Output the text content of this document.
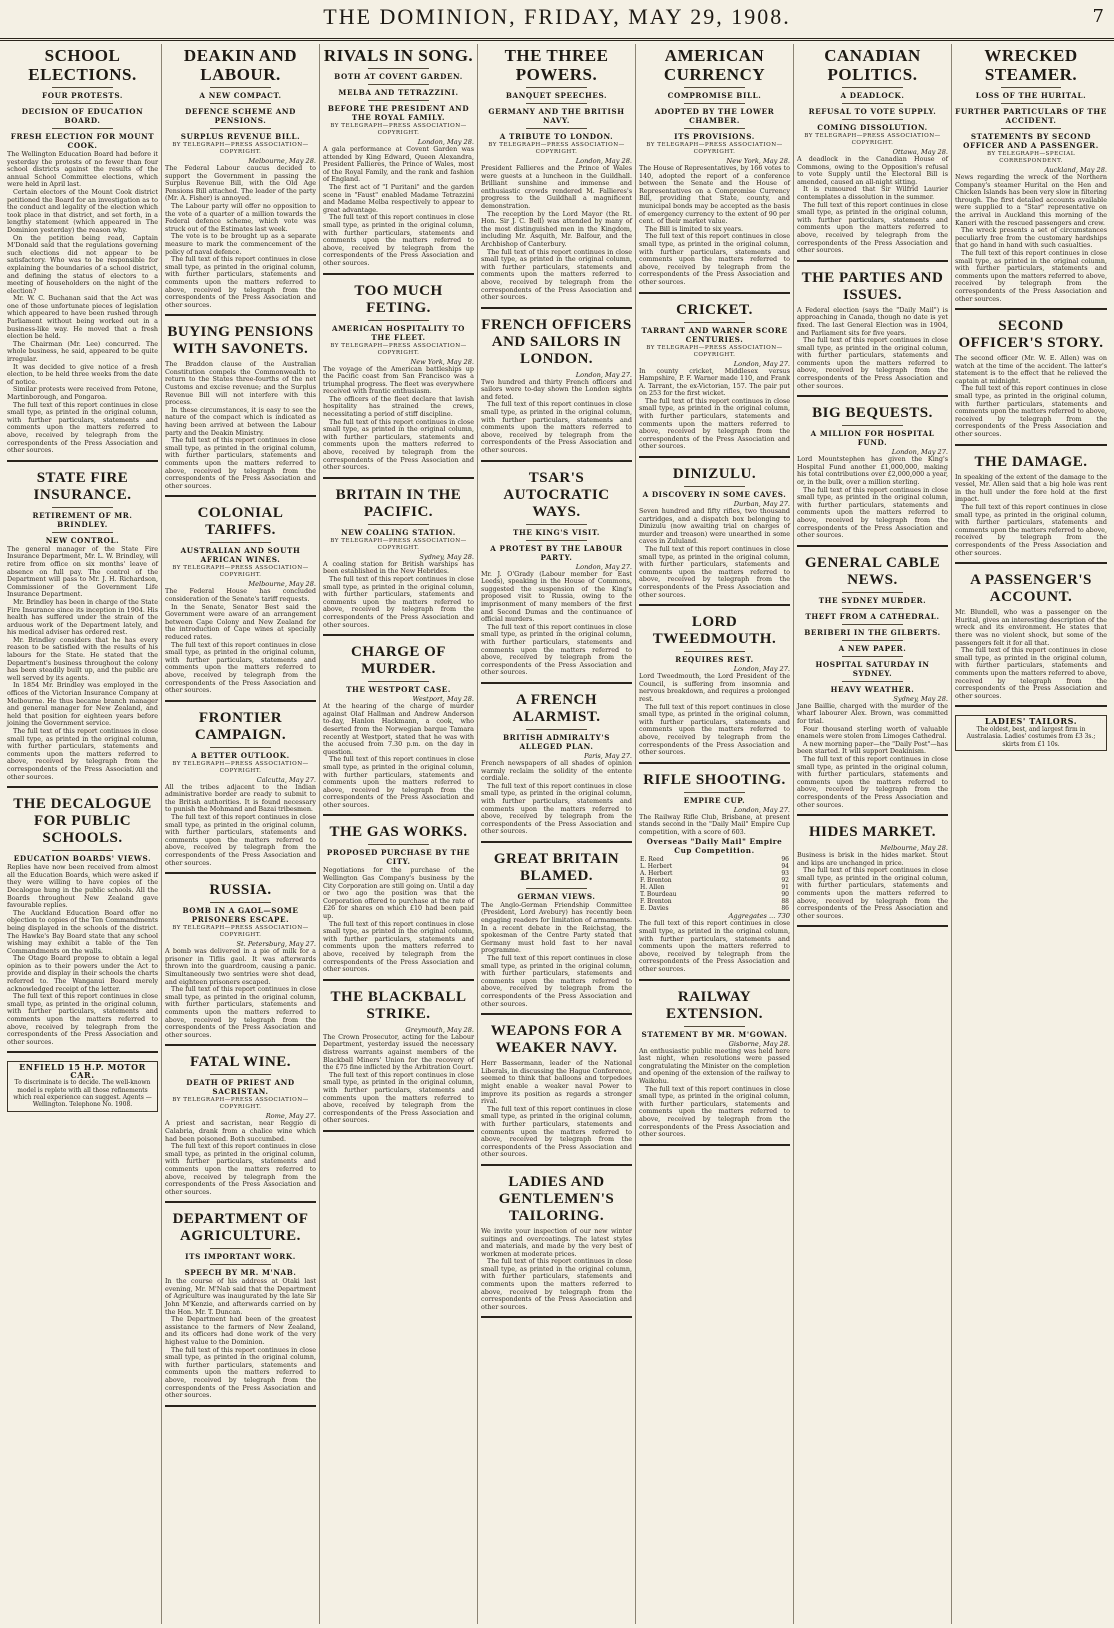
THE DOMINION, FRIDAY, MAY 29, 1908.	7
SCHOOL ELECTIONS.
FOUR PROTESTS.
DECISION OF EDUCATION BOARD.
FRESH ELECTION FOR MOUNT COOK.

The Wellington Education Board had before it yesterday the protests of no fewer than four school districts against the results of the annual School Committee elections, which were held in April last.

Certain electors of the Mount Cook district petitioned the Board for an investigation as to the conduct and legality of the election which took place in that district, and set forth, in a lengthy statement (which appeared in The Dominion yesterday) the reason why.

On the petition being read, Captain M'Donald said that the regulations governing such elections did not appear to be satisfactory. Who was to be responsible for explaining the boundaries of a school district, and defining the status of electors to a meeting of householders on the night of the election?

Mr. W. C. Buchanan said that the Act was one of those unfortunate pieces of legislation which appeared to have been rushed through Parliament without being worked out in a business-like way. He moved that a fresh election be held.

The Chairman (Mr. Lee) concurred. The whole business, he said, appeared to be quite irregular.

It was decided to give notice of a fresh election, to be held three weeks from the date of notice.

Similar protests were received from Petone, Martinborough, and Pongaroa.

The full text of this report continues in close small type, as printed in the original column, with further particulars, statements and comments upon the matters referred to above, received by telegraph from the correspondents of the Press Association and other sources.

STATE FIRE INSURANCE.
RETIREMENT OF MR. BRINDLEY.
NEW CONTROL.

The general manager of the State Fire Insurance Department, Mr. L. W. Brindley, will retire from office on six months' leave of absence on full pay. The control of the Department will pass to Mr. J. H. Richardson, Commissioner of the Government Life Insurance Department.

Mr. Brindley has been in charge of the State Fire Insurance since its inception in 1904. His health has suffered under the strain of the arduous work of the Department lately, and his medical adviser has ordered rest.

Mr. Brindley considers that he has every reason to be satisfied with the results of his labours for the State. He stated that the Department's business throughout the colony has been steadily built up, and the public are well served by its agents.

In 1854 Mr. Brindley was employed in the offices of the Victorian Insurance Company at Melbourne. He thus became branch manager and general manager for New Zealand, and held that position for eighteen years before joining the Government service.

The full text of this report continues in close small type, as printed in the original column, with further particulars, statements and comments upon the matters referred to above, received by telegraph from the correspondents of the Press Association and other sources.

THE DECALOGUE FOR PUBLIC SCHOOLS.
EDUCATION BOARDS' VIEWS.

Replies have now been received from almost all the Education Boards, which were asked if they were willing to have copies of the Decalogue hung in the public schools. All the Boards throughout New Zealand gave favourable replies.

The Auckland Education Board offer no objection to copies of the Ten Commandments being displayed in the schools of the district. The Hawke's Bay Board state that any school wishing may exhibit a table of the Ten Commandments on the walls.

The Otago Board propose to obtain a legal opinion as to their powers under the Act to provide and display in their schools the charts referred to. The Wanganui Board merely acknowledged receipt of the letter.

The full text of this report continues in close small type, as printed in the original column, with further particulars, statements and comments upon the matters referred to above, received by telegraph from the correspondents of the Press Association and other sources.

ENFIELD 15 H.P. MOTOR CAR.
To discriminate is to decide. The well-known model is replete with all those refinements which real experience can suggest. Agents — Wellington. Telephone No. 1908.
DEAKIN AND LABOUR.
A NEW COMPACT.
DEFENCE SCHEME AND PENSIONS.
SURPLUS REVENUE BILL.
BY TELEGRAPH—PRESS ASSOCIATION—COPYRIGHT.
Melbourne, May 28.

The Federal Labour caucus decided to support the Government in passing the Surplus Revenue Bill, with the Old Age Pensions Bill attached. The leader of the party (Mr. A. Fisher) is annoyed.

The Labour party will offer no opposition to the vote of a quarter of a million towards the Federal defence scheme, which vote was struck out of the Estimates last week.

The vote is to be brought up as a separate measure to mark the commencement of the policy of naval defence.

The full text of this report continues in close small type, as printed in the original column, with further particulars, statements and comments upon the matters referred to above, received by telegraph from the correspondents of the Press Association and other sources.

BUYING PENSIONS WITH SAVONETS.

The Braddon clause of the Australian Constitution compels the Commonwealth to return to the States three-fourths of the net Customs and excise revenue; and the Surplus Revenue Bill will not interfere with this process.

In these circumstances, it is easy to see the nature of the compact which is indicated as having been arrived at between the Labour party and the Deakin Ministry.

The full text of this report continues in close small type, as printed in the original column, with further particulars, statements and comments upon the matters referred to above, received by telegraph from the correspondents of the Press Association and other sources.

COLONIAL TARIFFS.
AUSTRALIAN AND SOUTH AFRICAN WINES.
BY TELEGRAPH—PRESS ASSOCIATION—COPYRIGHT.
Melbourne, May 28.

The Federal House has concluded consideration of the Senate's tariff requests.

In the Senate, Senator Best said the Government were aware of an arrangement between Cape Colony and New Zealand for the introduction of Cape wines at specially reduced rates.

The full text of this report continues in close small type, as printed in the original column, with further particulars, statements and comments upon the matters referred to above, received by telegraph from the correspondents of the Press Association and other sources.

FRONTIER CAMPAIGN.
A BETTER OUTLOOK.
BY TELEGRAPH—PRESS ASSOCIATION—COPYRIGHT.
Calcutta, May 27.

All the tribes adjacent to the Indian administrative border are ready to submit to the British authorities. It is found necessary to punish the Mohmand and Bazai tribesmen.

The full text of this report continues in close small type, as printed in the original column, with further particulars, statements and comments upon the matters referred to above, received by telegraph from the correspondents of the Press Association and other sources.

RUSSIA.
BOMB IN A GAOL—SOME PRISONERS ESCAPE.
BY TELEGRAPH—PRESS ASSOCIATION—COPYRIGHT.
St. Petersburg, May 27.

A bomb was delivered in a pie of milk for a prisoner in Tiflis gaol. It was afterwards thrown into the guardroom, causing a panic. Simultaneously two sentries were shot dead, and eighteen prisoners escaped.

The full text of this report continues in close small type, as printed in the original column, with further particulars, statements and comments upon the matters referred to above, received by telegraph from the correspondents of the Press Association and other sources.

FATAL WINE.
DEATH OF PRIEST AND SACRISTAN.
BY TELEGRAPH—PRESS ASSOCIATION—COPYRIGHT.
Rome, May 27.

A priest and sacristan, near Reggio di Calabria, drank from a chalice wine which had been poisoned. Both succumbed.

The full text of this report continues in close small type, as printed in the original column, with further particulars, statements and comments upon the matters referred to above, received by telegraph from the correspondents of the Press Association and other sources.

DEPARTMENT OF AGRICULTURE.
ITS IMPORTANT WORK.
SPEECH BY MR. M'NAB.

In the course of his address at Otaki last evening, Mr. M'Nab said that the Department of Agriculture was inaugurated by the late Sir John M'Kenzie, and afterwards carried on by the Hon. Mr. T. Duncan.

The Department had been of the greatest assistance to the farmers of New Zealand, and its officers had done work of the very highest value to the Dominion.

The full text of this report continues in close small type, as printed in the original column, with further particulars, statements and comments upon the matters referred to above, received by telegraph from the correspondents of the Press Association and other sources.

RIVALS IN SONG.
BOTH AT COVENT GARDEN.
MELBA AND TETRAZZINI.
BEFORE THE PRESIDENT AND THE ROYAL FAMILY.
BY TELEGRAPH—PRESS ASSOCIATION—COPYRIGHT.
London, May 28.

A gala performance at Covent Garden was attended by King Edward, Queen Alexandra, President Fallieres, the Prince of Wales, most of the Royal Family, and the rank and fashion of England.

The first act of "I Puritani" and the garden scene in "Faust" enabled Madame Tetrazzini and Madame Melba respectively to appear to great advantage.

The full text of this report continues in close small type, as printed in the original column, with further particulars, statements and comments upon the matters referred to above, received by telegraph from the correspondents of the Press Association and other sources.

TOO MUCH FETING.
AMERICAN HOSPITALITY TO THE FLEET.
BY TELEGRAPH—PRESS ASSOCIATION—COPYRIGHT.
New York, May 28.

The voyage of the American battleships up the Pacific coast from San Francisco was a triumphal progress. The fleet was everywhere received with frantic enthusiasm.

The officers of the fleet declare that lavish hospitality has strained the crews, necessitating a period of stiff discipline.

The full text of this report continues in close small type, as printed in the original column, with further particulars, statements and comments upon the matters referred to above, received by telegraph from the correspondents of the Press Association and other sources.

BRITAIN IN THE PACIFIC.
NEW COALING STATION.
BY TELEGRAPH—PRESS ASSOCIATION—COPYRIGHT.
Sydney, May 28.

A coaling station for British warships has been established in the New Hebrides.

The full text of this report continues in close small type, as printed in the original column, with further particulars, statements and comments upon the matters referred to above, received by telegraph from the correspondents of the Press Association and other sources.

CHARGE OF MURDER.
THE WESTPORT CASE.
Westport, May 28.

At the hearing of the charge of murder against Olaf Hallman and Andrew Anderson to-day, Hanlon Hackmann, a cook, who deserted from the Norwegian barque Tamara recently at Westport, stated that he was with the accused from 7.30 p.m. on the day in question.

The full text of this report continues in close small type, as printed in the original column, with further particulars, statements and comments upon the matters referred to above, received by telegraph from the correspondents of the Press Association and other sources.

THE GAS WORKS.
PROPOSED PURCHASE BY THE CITY.

Negotiations for the purchase of the Wellington Gas Company's business by the City Corporation are still going on. Until a day or two ago the position was that the Corporation offered to purchase at the rate of £26 for shares on which £10 had been paid up.

The full text of this report continues in close small type, as printed in the original column, with further particulars, statements and comments upon the matters referred to above, received by telegraph from the correspondents of the Press Association and other sources.

THE BLACKBALL STRIKE.
Greymouth, May 28.

The Crown Prosecutor, acting for the Labour Department, yesterday issued the necessary distress warrants against members of the Blackball Miners' Union for the recovery of the £75 fine inflicted by the Arbitration Court.

The full text of this report continues in close small type, as printed in the original column, with further particulars, statements and comments upon the matters referred to above, received by telegraph from the correspondents of the Press Association and other sources.

THE THREE POWERS.
BANQUET SPEECHES.
GERMANY AND THE BRITISH NAVY.
A TRIBUTE TO LONDON.
BY TELEGRAPH—PRESS ASSOCIATION—COPYRIGHT.
London, May 28.

President Fallieres and the Prince of Wales were guests at a luncheon in the Guildhall. Brilliant sunshine and immense and enthusiastic crowds rendered M. Fallieres's progress to the Guildhall a magnificent demonstration.

The reception by the Lord Mayor (the Rt. Hon. Sir J. C. Bell) was attended by many of the most distinguished men in the Kingdom, including Mr. Asquith, Mr. Balfour, and the Archbishop of Canterbury.

The full text of this report continues in close small type, as printed in the original column, with further particulars, statements and comments upon the matters referred to above, received by telegraph from the correspondents of the Press Association and other sources.

FRENCH OFFICERS AND SAILORS IN LONDON.
London, May 27.

Two hundred and thirty French officers and sailors were to-day shown the London sights and feted.

The full text of this report continues in close small type, as printed in the original column, with further particulars, statements and comments upon the matters referred to above, received by telegraph from the correspondents of the Press Association and other sources.

TSAR'S AUTOCRATIC WAYS.
THE KING'S VISIT.
A PROTEST BY THE LABOUR PARTY.
London, May 27.

Mr. J. O'Grady (Labour member for East Leeds), speaking in the House of Commons, suggested the suspension of the King's proposed visit to Russia, owing to the imprisonment of many members of the first and Second Dumas and the continuance of official murders.

The full text of this report continues in close small type, as printed in the original column, with further particulars, statements and comments upon the matters referred to above, received by telegraph from the correspondents of the Press Association and other sources.

A FRENCH ALARMIST.
BRITISH ADMIRALTY'S ALLEGED PLAN.
Paris, May 27.

French newspapers of all shades of opinion warmly reclaim the solidity of the entente cordiale.

The full text of this report continues in close small type, as printed in the original column, with further particulars, statements and comments upon the matters referred to above, received by telegraph from the correspondents of the Press Association and other sources.

GREAT BRITAIN BLAMED.
GERMAN VIEWS.

The Anglo-German Friendship Committee (President, Lord Avebury) has recently been engaging readers for limitation of armaments. In a recent debate in the Reichstag, the spokesman of the Centre Party stated that Germany must hold fast to her naval programme.

The full text of this report continues in close small type, as printed in the original column, with further particulars, statements and comments upon the matters referred to above, received by telegraph from the correspondents of the Press Association and other sources.

WEAPONS FOR A WEAKER NAVY.

Herr Bassermann, leader of the National Liberals, in discussing the Hague Conference, seemed to think that balloons and torpedoes might enable a weaker naval Power to improve its position as regards a stronger rival.

The full text of this report continues in close small type, as printed in the original column, with further particulars, statements and comments upon the matters referred to above, received by telegraph from the correspondents of the Press Association and other sources.

LADIES AND GENTLEMEN'S TAILORING.

We invite your inspection of our new winter suitings and overcoatings. The latest styles and materials, and made by the very best of workmen at moderate prices.

The full text of this report continues in close small type, as printed in the original column, with further particulars, statements and comments upon the matters referred to above, received by telegraph from the correspondents of the Press Association and other sources.

AMERICAN CURRENCY
COMPROMISE BILL.
ADOPTED BY THE LOWER CHAMBER.
ITS PROVISIONS.
BY TELEGRAPH—PRESS ASSOCIATION—COPYRIGHT.
New York, May 28.

The House of Representatives, by 166 votes to 140, adopted the report of a conference between the Senate and the House of Representatives on a Compromise Currency Bill, providing that State, county, and municipal bonds may be accepted as the basis of emergency currency to the extent of 90 per cent. of their market value.

The Bill is limited to six years.

The full text of this report continues in close small type, as printed in the original column, with further particulars, statements and comments upon the matters referred to above, received by telegraph from the correspondents of the Press Association and other sources.

CRICKET.
TARRANT AND WARNER SCORE CENTURIES.
BY TELEGRAPH—PRESS ASSOCIATION—COPYRIGHT.
London, May 27.

In county cricket, Middlesex versus Hampshire, P. F. Warner made 110, and Frank A. Tarrant, the ex-Victorian, 157. The pair put on 253 for the first wicket.

The full text of this report continues in close small type, as printed in the original column, with further particulars, statements and comments upon the matters referred to above, received by telegraph from the correspondents of the Press Association and other sources.

DINIZULU.
A DISCOVERY IN SOME CAVES.
Durban, May 27.

Seven hundred and fifty rifles, two thousand cartridges, and a dispatch box belonging to Dinizulu (now awaiting trial on charges of murder and treason) were unearthed in some caves in Zululand.

The full text of this report continues in close small type, as printed in the original column, with further particulars, statements and comments upon the matters referred to above, received by telegraph from the correspondents of the Press Association and other sources.

LORD TWEEDMOUTH.
REQUIRES REST.
London, May 27.

Lord Tweedmouth, the Lord President of the Council, is suffering from insomnia and nervous breakdown, and requires a prolonged rest.

The full text of this report continues in close small type, as printed in the original column, with further particulars, statements and comments upon the matters referred to above, received by telegraph from the correspondents of the Press Association and other sources.

RIFLE SHOOTING.
EMPIRE CUP.
London, May 27.

The Railway Rifle Club, Brisbane, at present stands second in the "Daily Mail" Empire Cup competition, with a score of 603.

Overseas "Daily Mail" Empire Cup Competition.
E. Reed	96
L. Herbert	94
A. Herbert	93
F. Brenton	92
H. Allen	91
T. Bourdeau	90
F. Brenton	88
E. Davies	86
Aggregates ... 730

The full text of this report continues in close small type, as printed in the original column, with further particulars, statements and comments upon the matters referred to above, received by telegraph from the correspondents of the Press Association and other sources.

RAILWAY EXTENSION.
STATEMENT BY MR. M'GOWAN.
Gisborne, May 28.

An enthusiastic public meeting was held here last night, when resolutions were passed congratulating the Minister on the completion and opening of the extension of the railway to Waikohu.

The full text of this report continues in close small type, as printed in the original column, with further particulars, statements and comments upon the matters referred to above, received by telegraph from the correspondents of the Press Association and other sources.

CANADIAN POLITICS.
A DEADLOCK.
REFUSAL TO VOTE SUPPLY.
COMING DISSOLUTION.
BY TELEGRAPH—PRESS ASSOCIATION—COPYRIGHT.
Ottawa, May 28.

A deadlock in the Canadian House of Commons, owing to the Opposition's refusal to vote Supply until the Electoral Bill is amended, caused an all-night sitting.

It is rumoured that Sir Wilfrid Laurier contemplates a dissolution in the summer.

The full text of this report continues in close small type, as printed in the original column, with further particulars, statements and comments upon the matters referred to above, received by telegraph from the correspondents of the Press Association and other sources.

THE PARTIES AND ISSUES.

A Federal election (says the "Daily Mail") is approaching in Canada, though no date is yet fixed. The last General Election was in 1904, and Parliament sits for five years.

The full text of this report continues in close small type, as printed in the original column, with further particulars, statements and comments upon the matters referred to above, received by telegraph from the correspondents of the Press Association and other sources.

BIG BEQUESTS.
A MILLION FOR HOSPITAL FUND.
London, May 27.

Lord Mountstephen has given the King's Hospital Fund another £1,000,000, making his total contributions over £2,000,000 a year, or, in the bulk, over a million sterling.

The full text of this report continues in close small type, as printed in the original column, with further particulars, statements and comments upon the matters referred to above, received by telegraph from the correspondents of the Press Association and other sources.

GENERAL CABLE NEWS.
THE SYDNEY MURDER.
THEFT FROM A CATHEDRAL.
BERIBERI IN THE GILBERTS.
A NEW PAPER.
HOSPITAL SATURDAY IN SYDNEY.
HEAVY WEATHER.
Sydney, May 28.

Jane Baillie, charged with the murder of the wharf labourer Alex. Brown, was committed for trial.

Four thousand sterling worth of valuable enamels were stolen from Limoges Cathedral.

A new morning paper—the "Daily Post"—has been started. It will support Deakinism.

The full text of this report continues in close small type, as printed in the original column, with further particulars, statements and comments upon the matters referred to above, received by telegraph from the correspondents of the Press Association and other sources.

HIDES MARKET.
Melbourne, May 28.

Business is brisk in the hides market. Stout and kips are unchanged in price.

The full text of this report continues in close small type, as printed in the original column, with further particulars, statements and comments upon the matters referred to above, received by telegraph from the correspondents of the Press Association and other sources.

WRECKED STEAMER.
LOSS OF THE HURITAL.
FURTHER PARTICULARS OF THE ACCIDENT.
STATEMENTS BY SECOND OFFICER AND A PASSENGER.
BY TELEGRAPH—SPECIAL CORRESPONDENT.
Auckland, May 28.

News regarding the wreck of the Northern Company's steamer Hurital on the Hen and Chicken Islands has been very slow in filtering through. The first detailed accounts available were supplied to a "Star" representative on the arrival in Auckland this morning of the Kaneri with the rescued passengers and crew.

The wreck presents a set of circumstances peculiarly free from the customary hardships that go hand in hand with such casualties.

The full text of this report continues in close small type, as printed in the original column, with further particulars, statements and comments upon the matters referred to above, received by telegraph from the correspondents of the Press Association and other sources.

SECOND OFFICER'S STORY.

The second officer (Mr. W. E. Allen) was on watch at the time of the accident. The latter's statement is to the effect that he relieved the captain at midnight.

The full text of this report continues in close small type, as printed in the original column, with further particulars, statements and comments upon the matters referred to above, received by telegraph from the correspondents of the Press Association and other sources.

THE DAMAGE.

In speaking of the extent of the damage to the vessel, Mr. Allen said that a big hole was rent in the hull under the fore hold at the first impact.

The full text of this report continues in close small type, as printed in the original column, with further particulars, statements and comments upon the matters referred to above, received by telegraph from the correspondents of the Press Association and other sources.

A PASSENGER'S ACCOUNT.

Mr. Blundell, who was a passenger on the Hurital, gives an interesting description of the wreck and its environment. He states that there was no violent shock, but some of the passengers felt it for all that.

The full text of this report continues in close small type, as printed in the original column, with further particulars, statements and comments upon the matters referred to above, received by telegraph from the correspondents of the Press Association and other sources.

LADIES' TAILORS.
The oldest, best, and largest firm in Australasia. Ladies' costumes from £3 3s.; skirts from £1 10s.
